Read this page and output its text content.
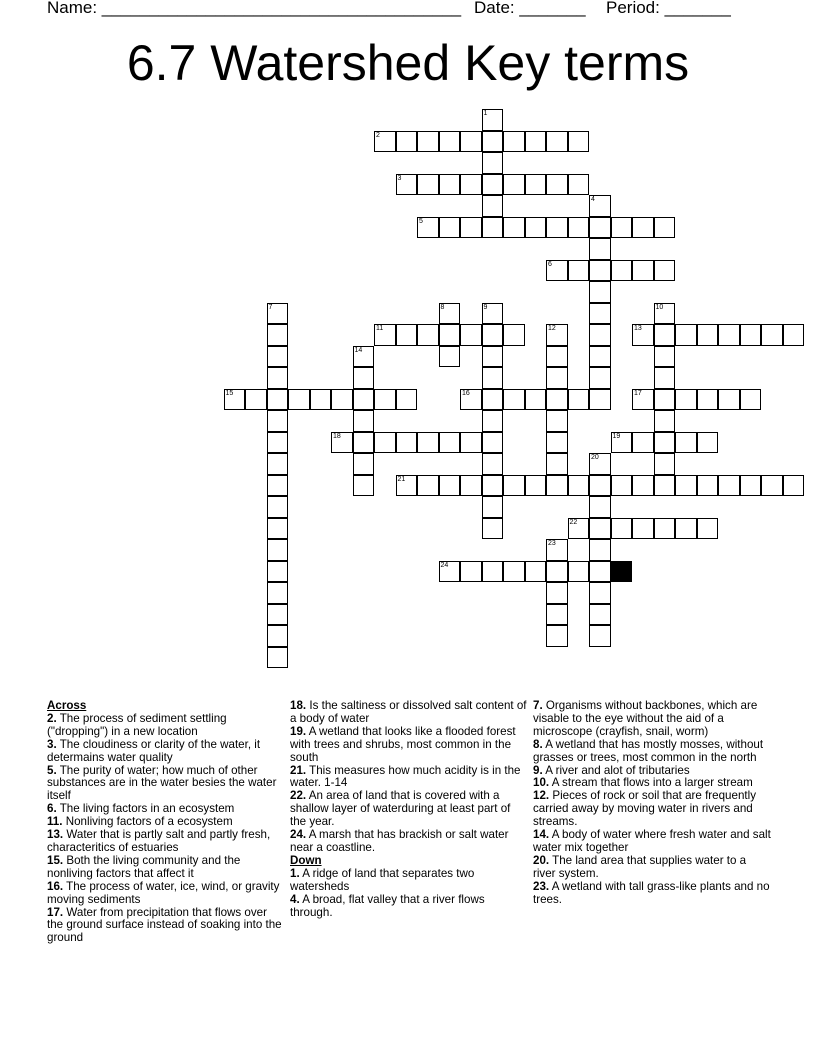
Name: ______________________________________ Date: _______ Period: _______
6.7 Watershed Key terms
1
2
3
4
5
6
7	8	9	10
11	12	13
14
15	16	17
18	19
20
21
22
23
24
Across
2. The process of sediment settling ("dropping") in a new location
3. The cloudiness or clarity of the water, it determains water quality
5. The purity of water; how much of other substances are in the water besies the water itself
6. The living factors in an ecosystem
11. Nonliving factors of a ecosystem
13. Water that is partly salt and partly fresh, characteritics of estuaries
15. Both the living community and the nonliving factors that affect it
16. The process of water, ice, wind, or gravity moving sediments
17. Water from precipitation that flows over the ground surface instead of soaking into the ground
18. Is the saltiness or dissolved salt content of a body of water
19. A wetland that looks like a flooded forest with trees and shrubs, most common in the south
21. This measures how much acidity is in the water. 1-14
22. An area of land that is covered with a shallow layer of waterduring at least part of the year.
24. A marsh that has brackish or salt water near a coastline.
Down
1. A ridge of land that separates two watersheds
4. A broad, flat valley that a river flows through.
7. Organisms without backbones, which are visable to the eye without the aid of a microscope (crayfish, snail, worm)
8. A wetland that has mostly mosses, without grasses or trees, most common in the north
9. A river and alot of tributaries
10. A stream that flows into a larger stream
12. Pieces of rock or soil that are frequently carried away by moving water in rivers and streams.
14. A body of water where fresh water and salt water mix together
20. The land area that supplies water to a river system.
23. A wetland with tall grass-like plants and no trees.
